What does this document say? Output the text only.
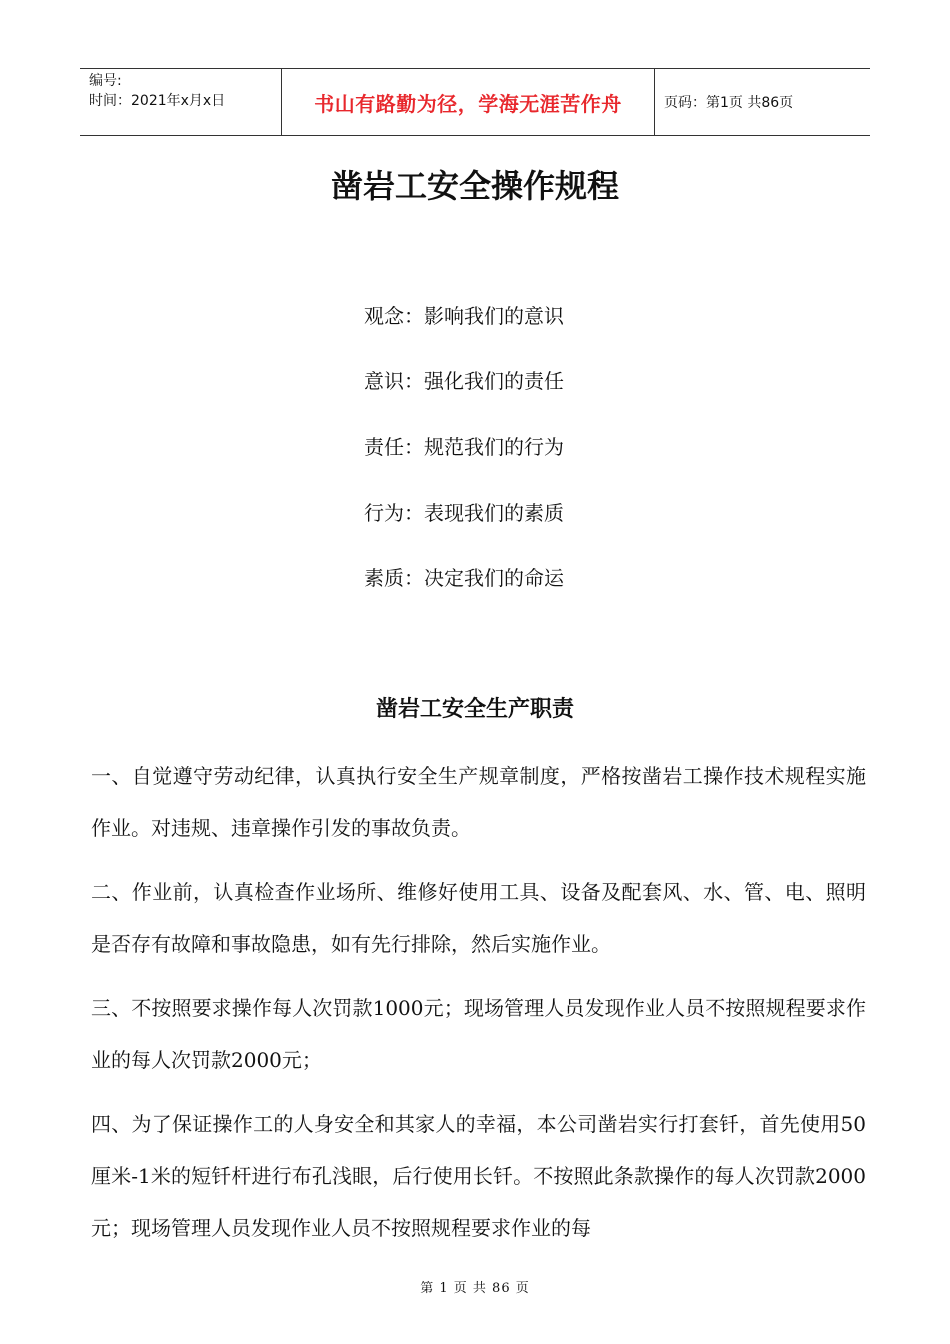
编号:
时间：2021年x月x日	书山有路勤为径，学海无涯苦作舟	页码：第1页 共86页
凿岩工安全操作规程
观念：影响我们的意识
意识：强化我们的责任
责任：规范我们的行为
行为：表现我们的素质
素质：决定我们的命运
凿岩工安全生产职责

一、自觉遵守劳动纪律，认真执行安全生产规章制度，严格按凿岩工操作技术规程实施作业。对违规、违章操作引发的事故负责。

二、作业前，认真检查作业场所、维修好使用工具、设备及配套风、水、管、电、照明是否存有故障和事故隐患，如有先行排除，然后实施作业。

三、不按照要求操作每人次罚款1000元；现场管理人员发现作业人员不按照规程要求作业的每人次罚款2000元；

四、为了保证操作工的人身安全和其家人的幸福，本公司凿岩实行打套钎，首先使用50厘米-1米的短钎杆进行布孔浅眼，后行使用长钎。不按照此条款操作的每人次罚款2000元；现场管理人员发现作业人员不按照规程要求作业的每

第 1 页 共 86 页
